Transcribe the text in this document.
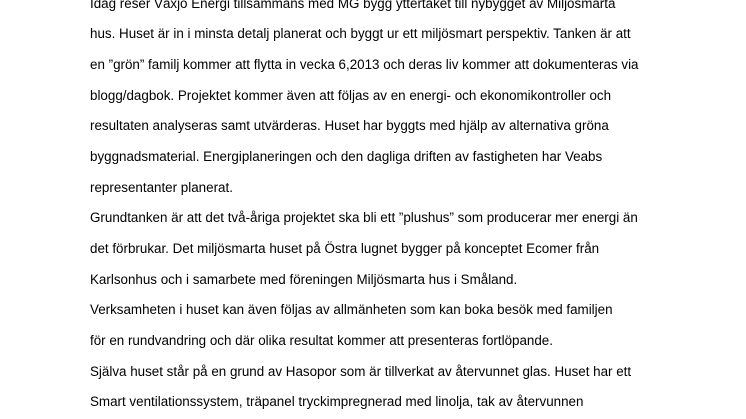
Idag reser Växjö Energi tillsammans med MG bygg yttertaket till nybygget av Miljösmarta
hus. Huset är in i minsta detalj planerat och byggt ur ett miljösmart perspektiv. Tanken är att
en ”grön” familj kommer att flytta in vecka 6,2013 och deras liv kommer att dokumenteras via
blogg/dagbok. Projektet kommer även att följas av en energi- och ekonomikontroller och
resultaten analyseras samt utvärderas. Huset har byggts med hjälp av alternativa gröna
byggnadsmaterial. Energiplaneringen och den dagliga driften av fastigheten har Veabs
representanter planerat.
Grundtanken är att det två-åriga projektet ska bli ett ”plushus” som producerar mer energi än
det förbrukar. Det miljösmarta huset på Östra lugnet bygger på konceptet Ecomer från
Karlsonhus och i samarbete med föreningen Miljösmarta hus i Småland.
Verksamheten i huset kan även följas av allmänheten som kan boka besök med familjen
för en rundvandring och där olika resultat kommer att presenteras fortlöpande.
Själva huset står på en grund av Hasopor som är tillverkat av återvunnet glas. Huset har ett
Smart ventilationssystem, träpanel tryckimpregnerad med linolja, tak av återvunnen
